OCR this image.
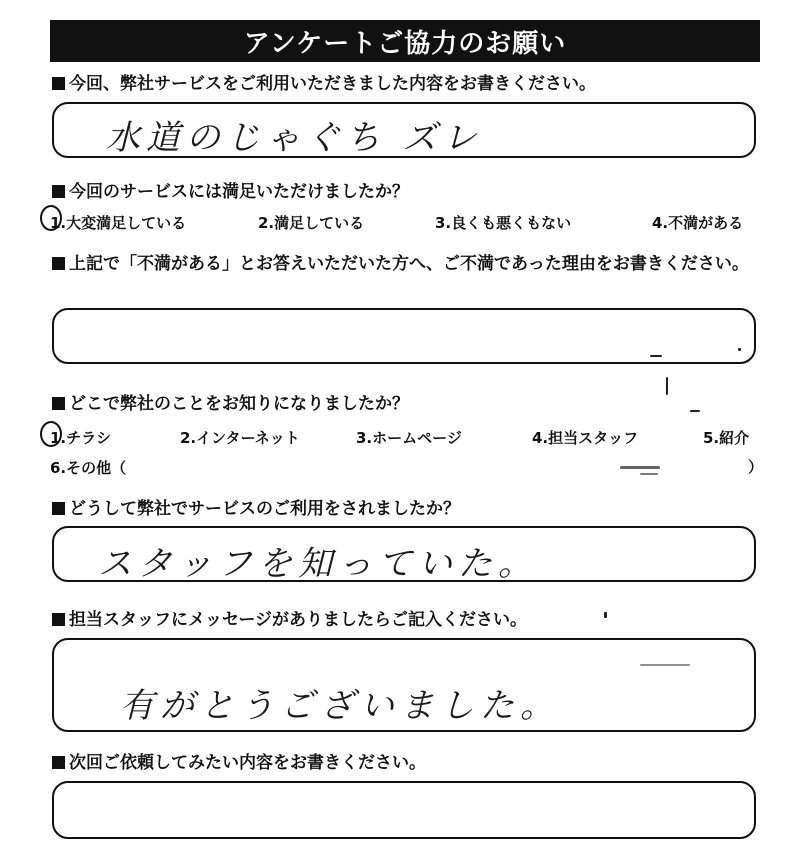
アンケートご協力のお願い
今回、弊社サービスをご利用いただきました内容をお書きください。
水道のじゃぐち ズレ
今回のサービスには満足いただけましたか？
1.大変満足している	2.満足している	3.良くも悪くもない	4.不満がある
上記で「不満がある」とお答えいただいた方へ、ご不満であった理由をお書きください。
どこで弊社のことをお知りになりましたか？
1.チラシ	2.インターネット	3.ホームページ	4.担当スタッフ	5.紹介
6.その他（	）
どうして弊社でサービスのご利用をされましたか？
スタッフを知っていた。
担当スタッフにメッセージがありましたらご記入ください。
有がとうございました。
次回ご依頼してみたい内容をお書きください。
